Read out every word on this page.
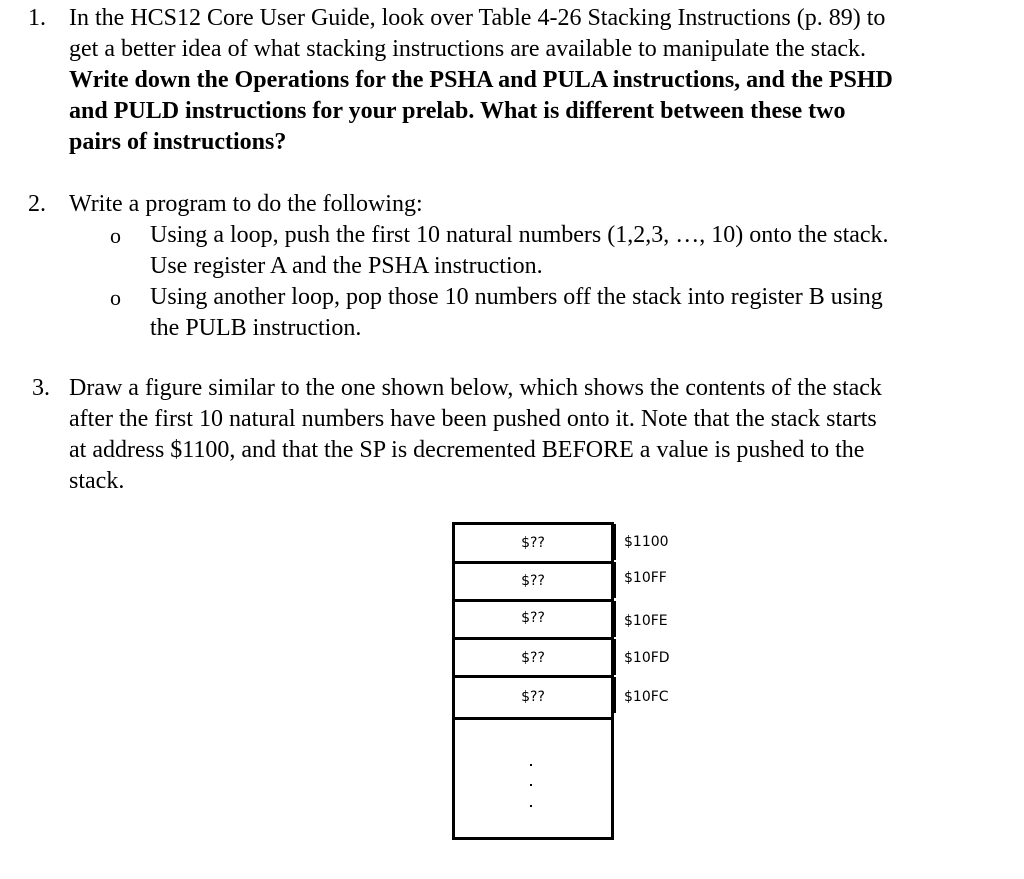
1. In the HCS12 Core User Guide, look over Table 4-26 Stacking Instructions (p. 89) to
get a better idea of what stacking instructions are available to manipulate the stack.
Write down the Operations for the PSHA and PULA instructions, and the PSHD
and PULD instructions for your prelab. What is different between these two
pairs of instructions?
2. Write a program to do the following:
o Using a loop, push the first 10 natural numbers (1,2,3, …, 10) onto the stack.
Use register A and the PSHA instruction.
o Using another loop, pop those 10 numbers off the stack into register B using
the PULB instruction.
3. Draw a figure similar to the one shown below, which shows the contents of the stack
after the first 10 natural numbers have been pushed onto it. Note that the stack starts
at address $1100, and that the SP is decremented BEFORE a value is pushed to the
stack.
$??
$??
$??
$??
$??
$1100
$10FF
$10FE
$10FD
$10FC
